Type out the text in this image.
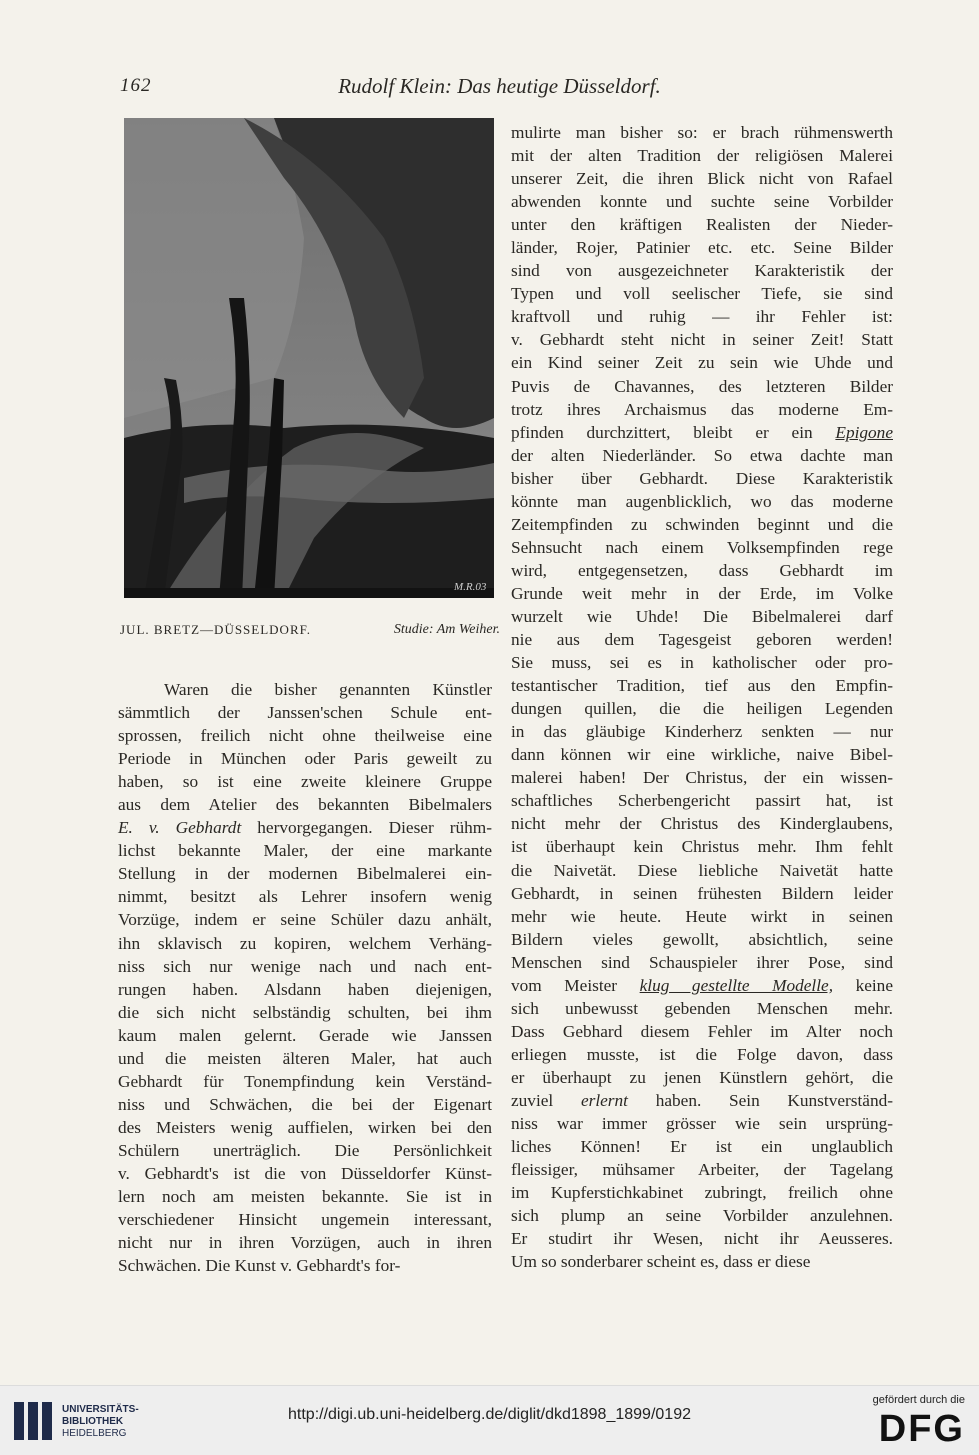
162	Rudolf Klein: Das heutige Düsseldorf.
M.R.03
JUL. BRETZ—DÜSSELDORF.	Studie: Am Weiher.
Waren die bisher genannten Künstler
sämmtlich der Janssen'schen Schule ent-
sprossen, freilich nicht ohne theilweise eine
Periode in München oder Paris geweilt zu
haben, so ist eine zweite kleinere Gruppe
aus dem Atelier des bekannten Bibelmalers
E. v. Gebhardt hervorgegangen. Dieser rühm-
lichst bekannte Maler, der eine markante
Stellung in der modernen Bibelmalerei ein-
nimmt, besitzt als Lehrer insofern wenig
Vorzüge, indem er seine Schüler dazu anhält,
ihn sklavisch zu kopiren, welchem Verhäng-
niss sich nur wenige nach und nach ent-
rungen haben. Alsdann haben diejenigen,
die sich nicht selbständig schulten, bei ihm
kaum malen gelernt. Gerade wie Janssen
und die meisten älteren Maler, hat auch
Gebhardt für Tonempfindung kein Verständ-
niss und Schwächen, die bei der Eigenart
des Meisters wenig auffielen, wirken bei den
Schülern unerträglich. Die Persönlichkeit
v. Gebhardt's ist die von Düsseldorfer Künst-
lern noch am meisten bekannte. Sie ist in
verschiedener Hinsicht ungemein interessant,
nicht nur in ihren Vorzügen, auch in ihren
Schwächen. Die Kunst v. Gebhardt's for-
mulirte man bisher so: er brach rühmenswerth
mit der alten Tradition der religiösen Malerei
unserer Zeit, die ihren Blick nicht von Rafael
abwenden konnte und suchte seine Vorbilder
unter den kräftigen Realisten der Nieder-
länder, Rojer, Patinier etc. etc. Seine Bilder
sind von ausgezeichneter Karakteristik der
Typen und voll seelischer Tiefe, sie sind
kraftvoll und ruhig — ihr Fehler ist:
v. Gebhardt steht nicht in seiner Zeit! Statt
ein Kind seiner Zeit zu sein wie Uhde und
Puvis de Chavannes, des letzteren Bilder
trotz ihres Archaismus das moderne Em-
pfinden durchzittert, bleibt er ein Epigone
der alten Niederländer. So etwa dachte man
bisher über Gebhardt. Diese Karakteristik
könnte man augenblicklich, wo das moderne
Zeitempfinden zu schwinden beginnt und die
Sehnsucht nach einem Volksempfinden rege
wird, entgegensetzen, dass Gebhardt im
Grunde weit mehr in der Erde, im Volke
wurzelt wie Uhde! Die Bibelmalerei darf
nie aus dem Tagesgeist geboren werden!
Sie muss, sei es in katholischer oder pro-
testantischer Tradition, tief aus den Empfin-
dungen quillen, die die heiligen Legenden
in das gläubige Kinderherz senkten — nur
dann können wir eine wirkliche, naive Bibel-
malerei haben! Der Christus, der ein wissen-
schaftliches Scherbengericht passirt hat, ist
nicht mehr der Christus des Kinderglaubens,
ist überhaupt kein Christus mehr. Ihm fehlt
die Naivetät. Diese liebliche Naivetät hatte
Gebhardt, in seinen frühesten Bildern leider
mehr wie heute. Heute wirkt in seinen
Bildern vieles gewollt, absichtlich, seine
Menschen sind Schauspieler ihrer Pose, sind
vom Meister klug gestellte Modelle, keine
sich unbewusst gebenden Menschen mehr.
Dass Gebhard diesem Fehler im Alter noch
erliegen musste, ist die Folge davon, dass
er überhaupt zu jenen Künstlern gehört, die
zuviel erlernt haben. Sein Kunstverständ-
niss war immer grösser wie sein ursprüng-
liches Können! Er ist ein unglaublich
fleissiger, mühsamer Arbeiter, der Tagelang
im Kupferstichkabinet zubringt, freilich ohne
sich plump an seine Vorbilder anzulehnen.
Er studirt ihr Wesen, nicht ihr Aeusseres.
Um so sonderbarer scheint es, dass er diese
UNIVERSITÄTS-
BIBLIOTHEK
HEIDELBERG
http://digi.ub.uni-heidelberg.de/diglit/dkd1898_1899/0192
gefördert durch die
DFG
